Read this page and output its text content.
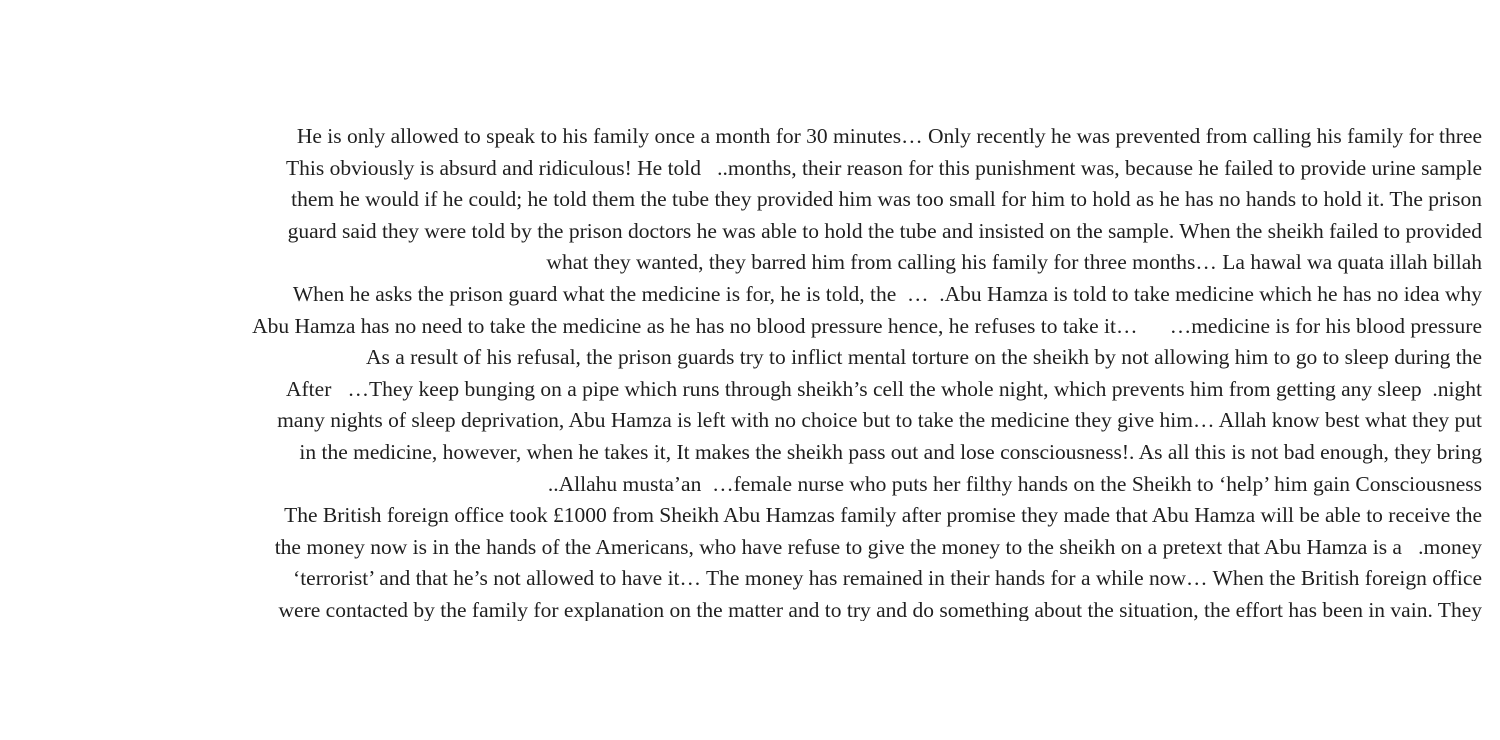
He is only allowed to speak to his family once a month for 30 minutes… Only recently he was prevented from calling his family for three
This obviously is absurd and ridiculous! He told   ..months, their reason for this punishment was, because he failed to provide urine sample
them he would if he could; he told them the tube they provided him was too small for him to hold as he has no hands to hold it. The prison
guard said they were told by the prison doctors he was able to hold the tube and insisted on the sample. When the sheikh failed to provided
what they wanted, they barred him from calling his family for three months… La hawal wa quata illah billah
When he asks the prison guard what the medicine is for, he is told, the  …  .Abu Hamza is told to take medicine which he has no idea why
Abu Hamza has no need to take the medicine as he has no blood pressure hence, he refuses to take it…      …medicine is for his blood pressure
As a result of his refusal, the prison guards try to inflict mental torture on the sheikh by not allowing him to go to sleep during the
After   …They keep bunging on a pipe which runs through sheikh’s cell the whole night, which prevents him from getting any sleep  .night
many nights of sleep deprivation, Abu Hamza is left with no choice but to take the medicine they give him… Allah know best what they put
in the medicine, however, when he takes it, It makes the sheikh pass out and lose consciousness!. As all this is not bad enough, they bring
..Allahu musta’an  …female nurse who puts her filthy hands on the Sheikh to ‘help’ him gain Consciousness
The British foreign office took £1000 from Sheikh Abu Hamzas family after promise they made that Abu Hamza will be able to receive the
the money now is in the hands of the Americans, who have refuse to give the money to the sheikh on a pretext that Abu Hamza is a   .money
‘terrorist’ and that he’s not allowed to have it… The money has remained in their hands for a while now… When the British foreign office
were contacted by the family for explanation on the matter and to try and do something about the situation, the effort has been in vain. They
